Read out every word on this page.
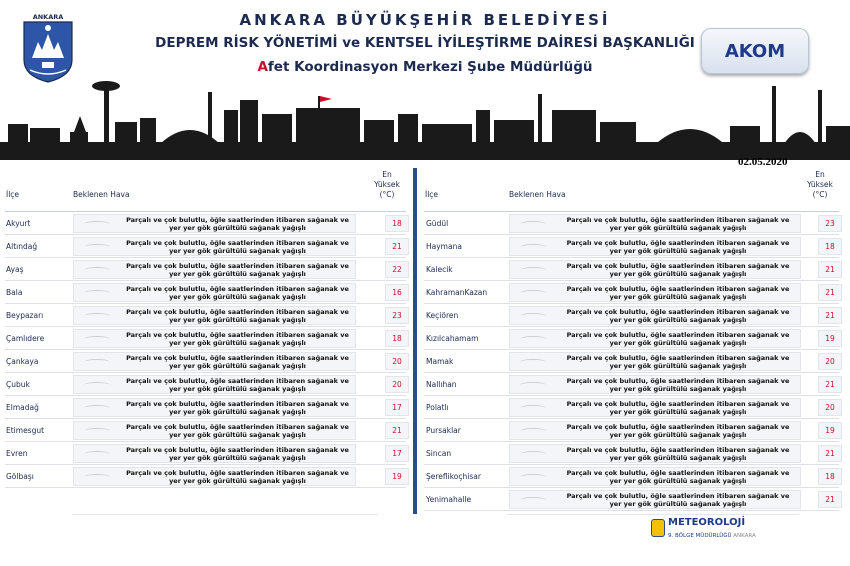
ANKARA	ANKARA BÜYÜKŞEHİR BELEDİYESİ
DEPREM RİSK YÖNETİMİ ve KENTSEL İYİLEŞTİRME DAİRESİ BAŞKANLIĞI
Afet Koordinasyon Merkezi Şube Müdürlüğü
AKOM
02.05.2020
İlçe	Beklenen Hava
En Yüksek (°C)
Akyurt	Parçalı ve çok bulutlu, öğle saatlerinden itibaren sağanak ve yer yer gök gürültülü sağanak yağışlı	18
Altındağ	Parçalı ve çok bulutlu, öğle saatlerinden itibaren sağanak ve yer yer gök gürültülü sağanak yağışlı	21
Ayaş	Parçalı ve çok bulutlu, öğle saatlerinden itibaren sağanak ve yer yer gök gürültülü sağanak yağışlı	22
Bala	Parçalı ve çok bulutlu, öğle saatlerinden itibaren sağanak ve yer yer gök gürültülü sağanak yağışlı	16
Beypazarı	Parçalı ve çok bulutlu, öğle saatlerinden itibaren sağanak ve yer yer gök gürültülü sağanak yağışlı	23
Çamlıdere	Parçalı ve çok bulutlu, öğle saatlerinden itibaren sağanak ve yer yer gök gürültülü sağanak yağışlı	18
Çankaya	Parçalı ve çok bulutlu, öğle saatlerinden itibaren sağanak ve yer yer gök gürültülü sağanak yağışlı	20
Çubuk	Parçalı ve çok bulutlu, öğle saatlerinden itibaren sağanak ve yer yer gök gürültülü sağanak yağışlı	20
Elmadağ	Parçalı ve çok bulutlu, öğle saatlerinden itibaren sağanak ve yer yer gök gürültülü sağanak yağışlı	17
Etimesgut	Parçalı ve çok bulutlu, öğle saatlerinden itibaren sağanak ve yer yer gök gürültülü sağanak yağışlı	21
Evren	Parçalı ve çok bulutlu, öğle saatlerinden itibaren sağanak ve yer yer gök gürültülü sağanak yağışlı	17
Gölbaşı	Parçalı ve çok bulutlu, öğle saatlerinden itibaren sağanak ve yer yer gök gürültülü sağanak yağışlı	19
İlçe	Beklenen Hava
En Yüksek (°C)
Güdül	Parçalı ve çok bulutlu, öğle saatlerinden itibaren sağanak ve yer yer gök gürültülü sağanak yağışlı	23
Haymana	Parçalı ve çok bulutlu, öğle saatlerinden itibaren sağanak ve yer yer gök gürültülü sağanak yağışlı	18
Kalecik	Parçalı ve çok bulutlu, öğle saatlerinden itibaren sağanak ve yer yer gök gürültülü sağanak yağışlı	21
KahramanKazan	Parçalı ve çok bulutlu, öğle saatlerinden itibaren sağanak ve yer yer gök gürültülü sağanak yağışlı	21
Keçiören	Parçalı ve çok bulutlu, öğle saatlerinden itibaren sağanak ve yer yer gök gürültülü sağanak yağışlı	21
Kızılcahamam	Parçalı ve çok bulutlu, öğle saatlerinden itibaren sağanak ve yer yer gök gürültülü sağanak yağışlı	19
Mamak	Parçalı ve çok bulutlu, öğle saatlerinden itibaren sağanak ve yer yer gök gürültülü sağanak yağışlı	20
Nallıhan	Parçalı ve çok bulutlu, öğle saatlerinden itibaren sağanak ve yer yer gök gürültülü sağanak yağışlı	21
Polatlı	Parçalı ve çok bulutlu, öğle saatlerinden itibaren sağanak ve yer yer gök gürültülü sağanak yağışlı	20
Pursaklar	Parçalı ve çok bulutlu, öğle saatlerinden itibaren sağanak ve yer yer gök gürültülü sağanak yağışlı	19
Sincan	Parçalı ve çok bulutlu, öğle saatlerinden itibaren sağanak ve yer yer gök gürültülü sağanak yağışlı	21
Şereflikoçhisar	Parçalı ve çok bulutlu, öğle saatlerinden itibaren sağanak ve yer yer gök gürültülü sağanak yağışlı	18
Yenimahalle	Parçalı ve çok bulutlu, öğle saatlerinden itibaren sağanak ve yer yer gök gürültülü sağanak yağışlı	21
METEOROLOJİ
9. BÖLGE MÜDÜRLÜĞÜ ANKARA
